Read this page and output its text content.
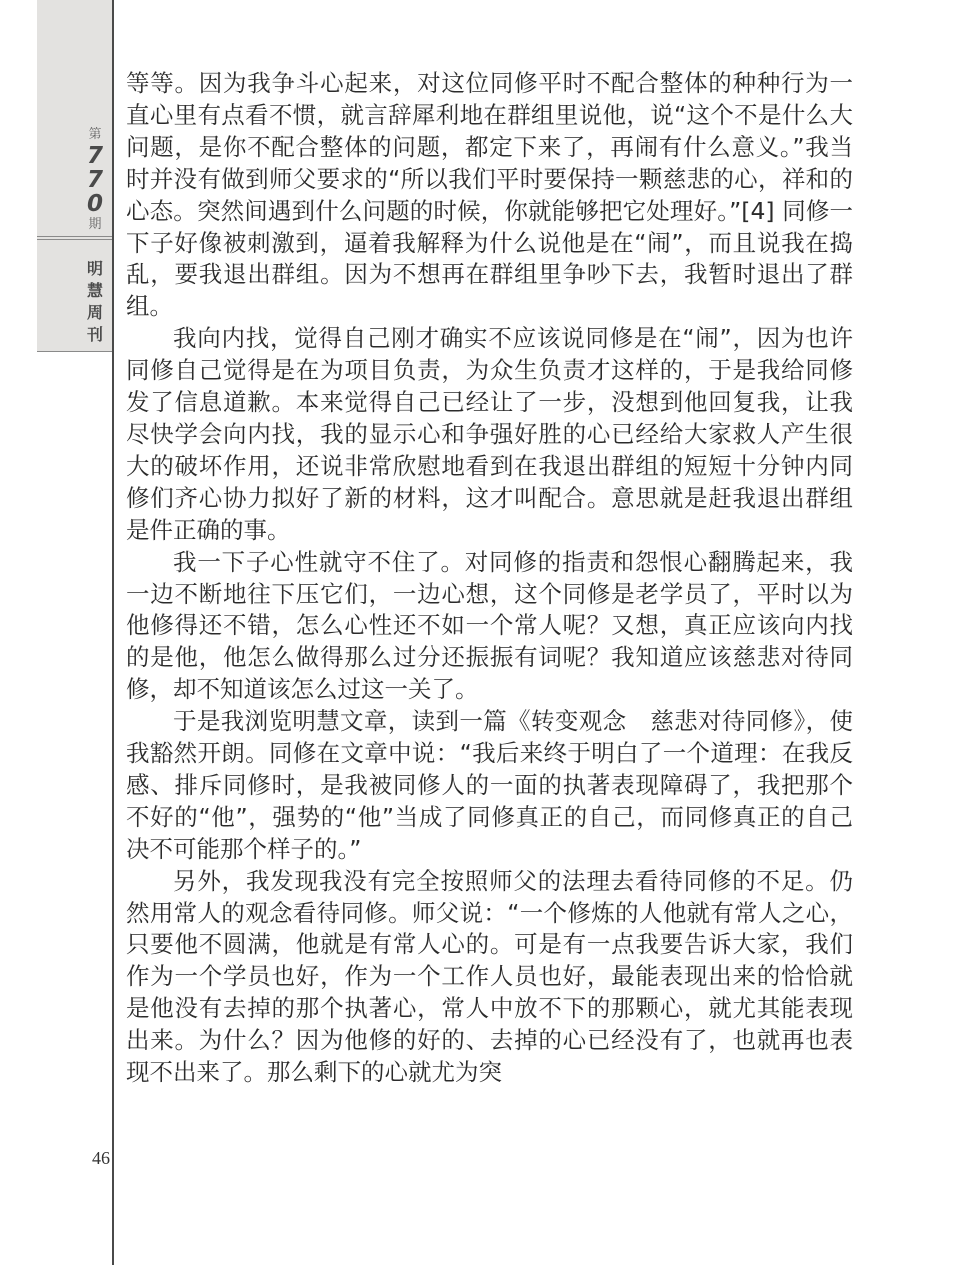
第
7
7
0
期
明
慧
周
刊
46

等等。因为我争斗心起来，对这位同修平时不配合整体的种种行为一直心里有点看不惯，就言辞犀利地在群组里说他，说“这个不是什么大问题，是你不配合整体的问题，都定下来了，再闹有什么意义。”我当时并没有做到师父要求的“所以我们平时要保持一颗慈悲的心，祥和的心态。突然间遇到什么问题的时候，你就能够把它处理好。”[4] 同修一下子好像被刺激到，逼着我解释为什么说他是在“闹”，而且说我在捣乱，要我退出群组。因为不想再在群组里争吵下去，我暂时退出了群组。

我向内找，觉得自己刚才确实不应该说同修是在“闹”，因为也许同修自己觉得是在为项目负责，为众生负责才这样的，于是我给同修发了信息道歉。本来觉得自己已经让了一步，没想到他回复我，让我尽快学会向内找，我的显示心和争强好胜的心已经给大家救人产生很大的破坏作用，还说非常欣慰地看到在我退出群组的短短十分钟内同修们齐心协力拟好了新的材料，这才叫配合。意思就是赶我退出群组是件正确的事。

我一下子心性就守不住了。对同修的指责和怨恨心翻腾起来，我一边不断地往下压它们，一边心想，这个同修是老学员了，平时以为他修得还不错，怎么心性还不如一个常人呢？又想，真正应该向内找的是他，他怎么做得那么过分还振振有词呢？我知道应该慈悲对待同修，却不知道该怎么过这一关了。

于是我浏览明慧文章，读到一篇《转变观念　慈悲对待同修》，使我豁然开朗。同修在文章中说：“我后来终于明白了一个道理：在我反感、排斥同修时，是我被同修人的一面的执著表现障碍了，我把那个不好的“他”，强势的“他”当成了同修真正的自己，而同修真正的自己决不可能那个样子的。”

另外，我发现我没有完全按照师父的法理去看待同修的不足。仍然用常人的观念看待同修。师父说：“一个修炼的人他就有常人之心，只要他不圆满，他就是有常人心的。可是有一点我要告诉大家，我们作为一个学员也好，作为一个工作人员也好，最能表现出来的恰恰就是他没有去掉的那个执著心，常人中放不下的那颗心，就尤其能表现出来。为什么？因为他修的好的、去掉的心已经没有了，也就再也表现不出来了。那么剩下的心就尤为突
